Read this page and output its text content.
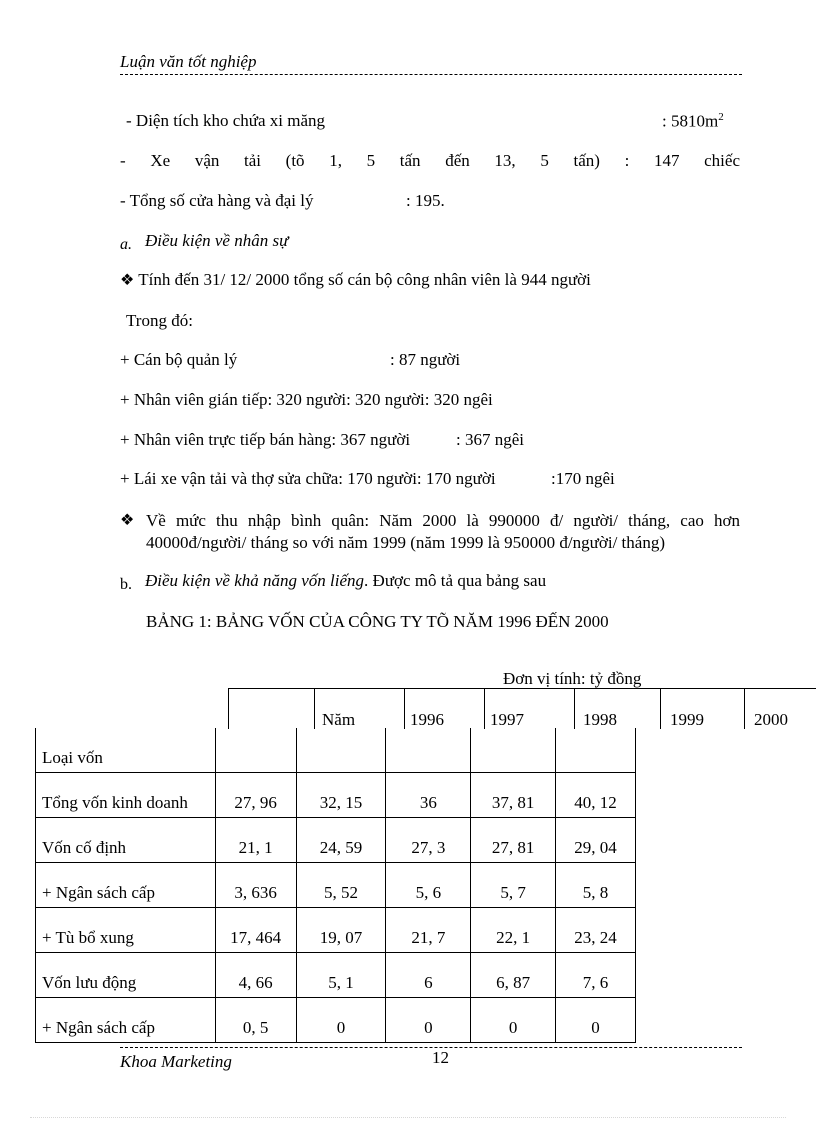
Luận văn tốt nghiệp
- Diện tích kho chứa xi măng	: $5810m^2$
- Xe vận tải (tõ 1, 5 tấn đến 13, 5 tấn) : 147 chiếc
- Tổng số cửa hàng và đại lý	: 195.
a. Điều kiện về nhân sự
❖ Tính đến 31/ 12/ 2000 tổng số cán bộ công nhân viên là 944 người
Trong đó:
+ Cán bộ quản lý	: 87 người
+ Nhân viên gián tiếp: 320 người: 320 người: 320 ngêi
+ Nhân viên trực tiếp bán hàng: 367 người	: 367 ngêi
+ Lái xe vận tải và thợ sửa chữa: 170 người: 170 người	:170 ngêi
❖ Về mức thu nhập bình quân: Năm 2000 là 990000 đ/ người/ tháng, cao hơn
40000đ/người/ tháng so với năm 1999 (năm 1999 là 950000 đ/người/ tháng)
b. Điều kiện về khả năng vốn liếng. Được mô tả qua bảng sau
BẢNG 1: BẢNG VỐN CỦA CÔNG TY TÕ NĂM 1996 ĐẾN 2000
Đơn vị tính: tỷ đồng
Năm	1996	1997	1998	1999	2000
Loại vốn					
Tổng vốn kinh doanh	27, 96	32, 15	36	37, 81	40, 12
Vốn cố định	21, 1	24, 59	27, 3	27, 81	29, 04
+ Ngân sách cấp	3, 636	5, 52	5, 6	5, 7	5, 8
+ Tù bổ xung	17, 464	19, 07	21, 7	22, 1	23, 24
Vốn lưu động	4, 66	5, 1	6	6, 87	7, 6
+ Ngân sách cấp	0, 5	0	0	0	0
Khoa Marketing	12
